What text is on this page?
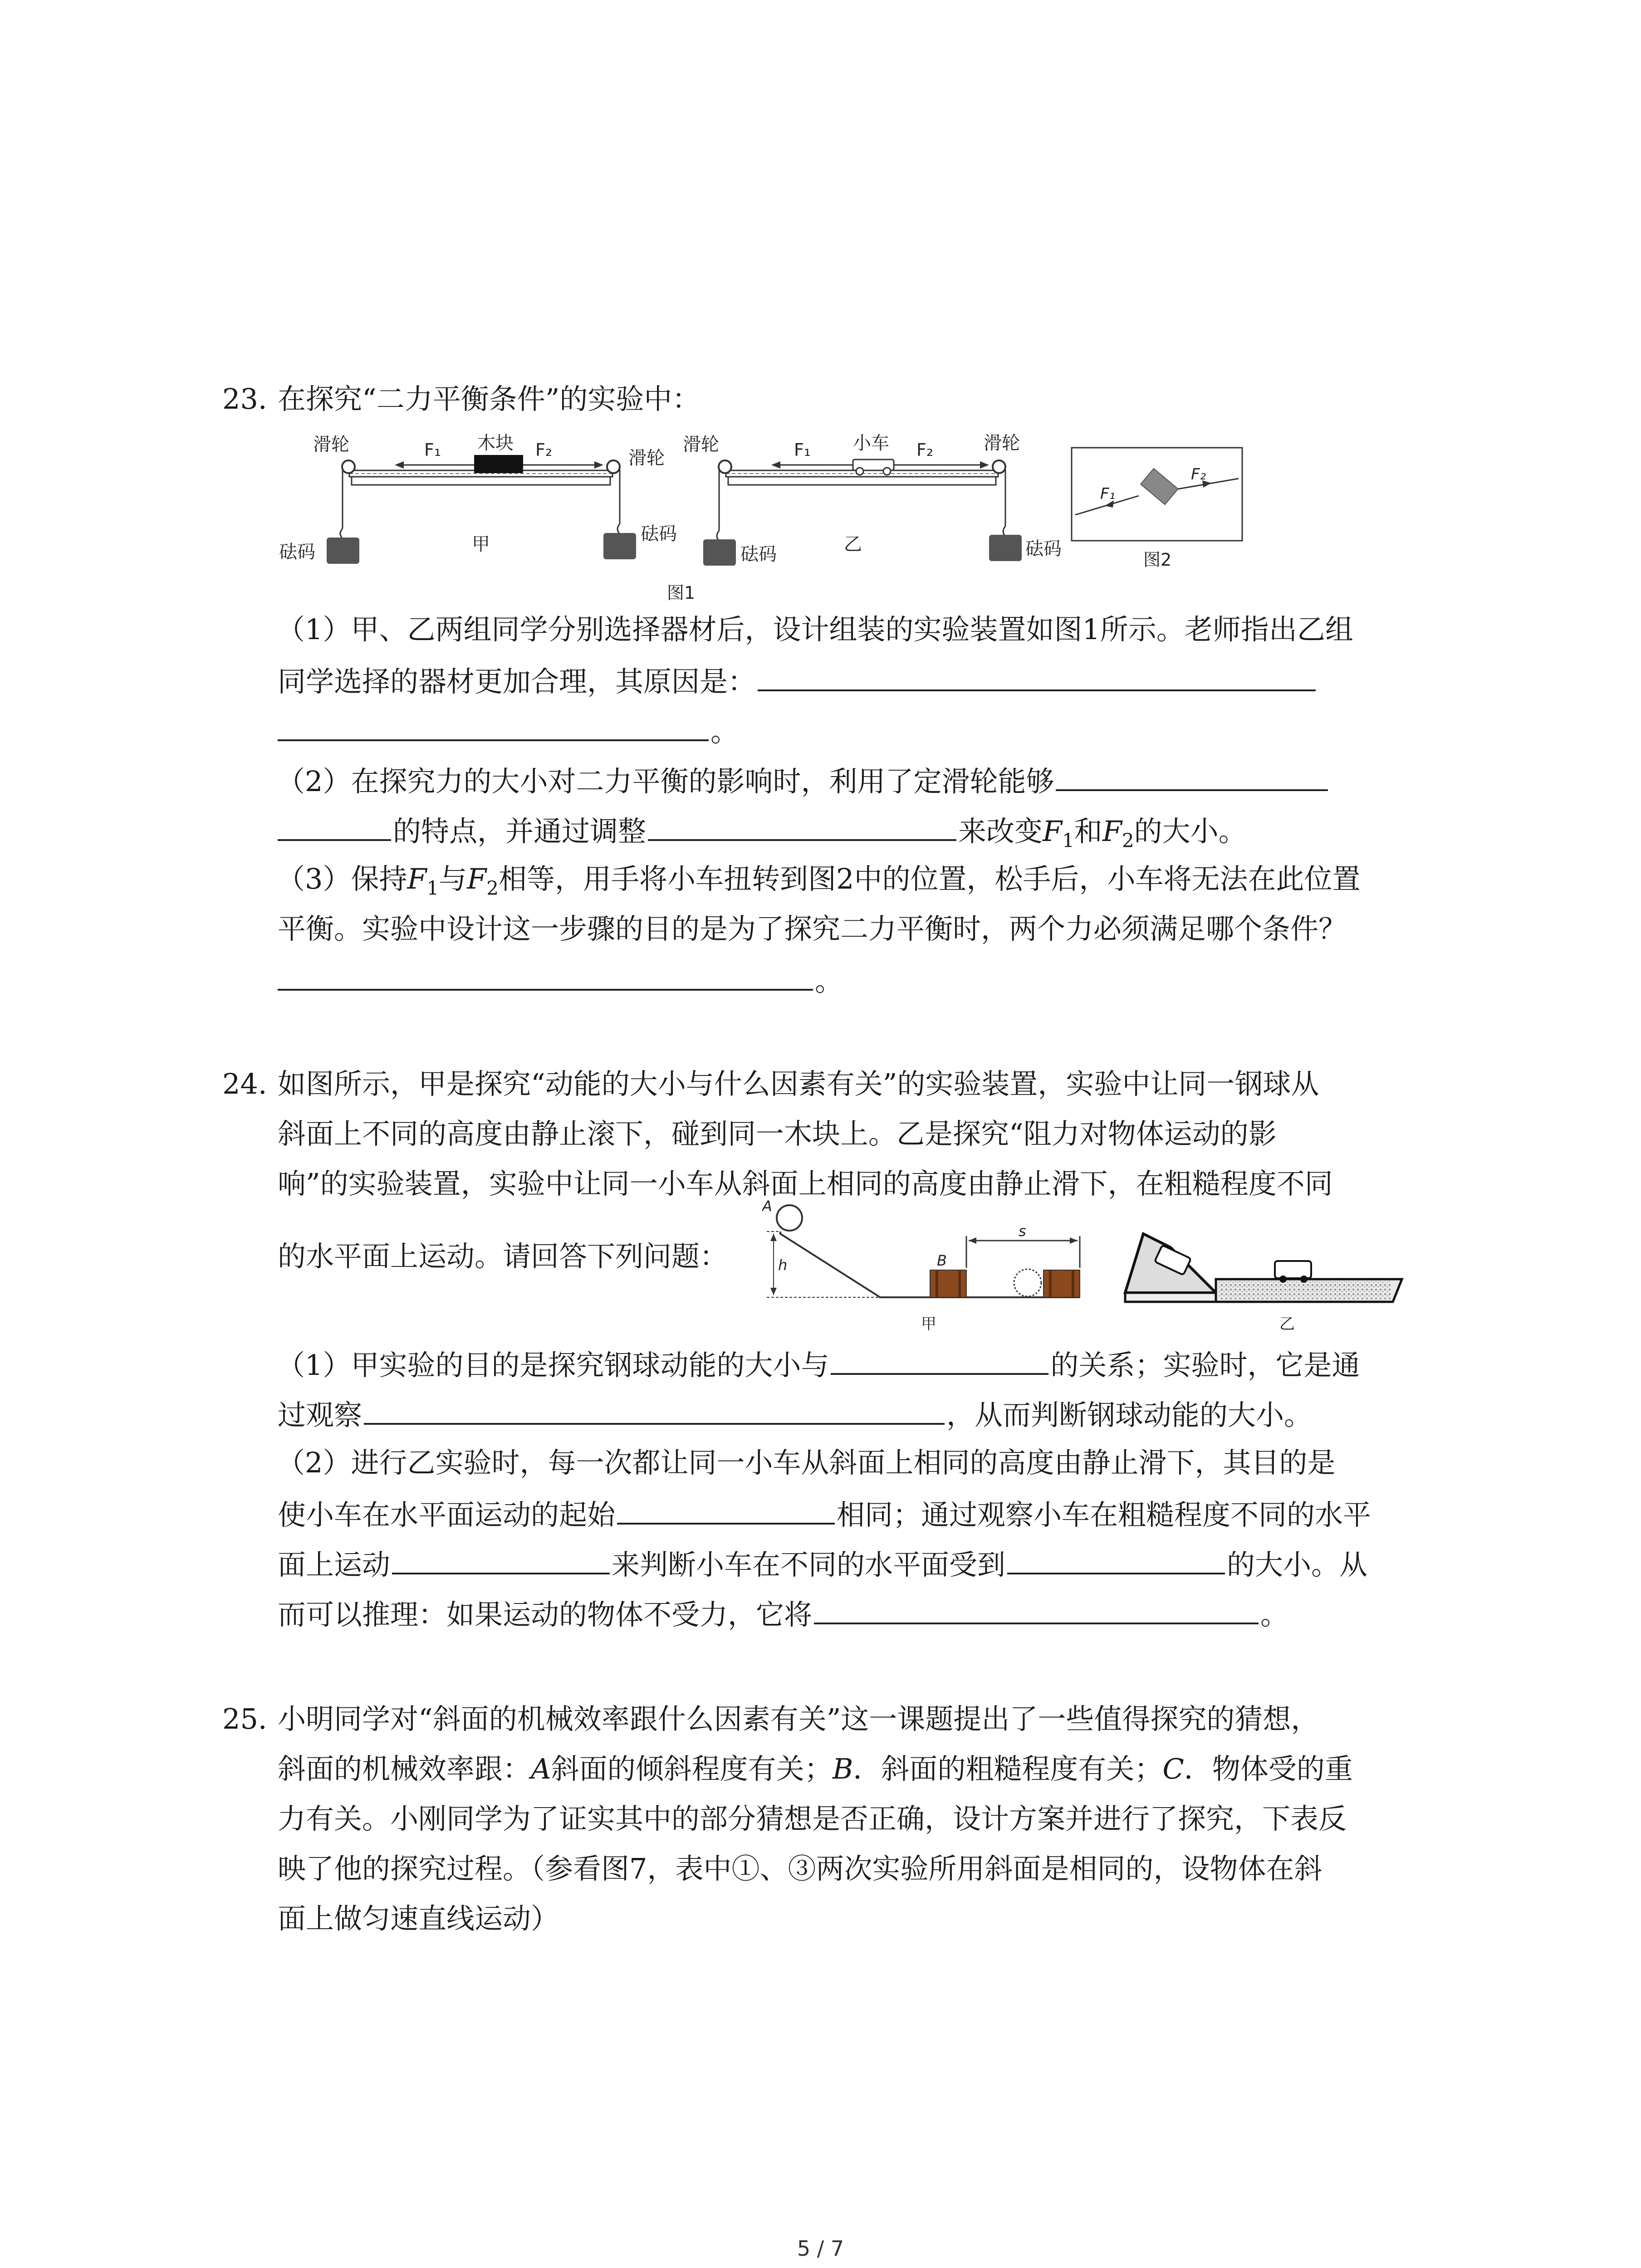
23. 在探究“二力平衡条件”的实验中：
滑轮
滑轮
木块
F₁	F₂
砝码
砝码
甲
滑轮	滑轮
小车
F₁	F₂
砝码	砝码
乙
图1
F₁
F₂
图2
（1）甲、乙两组同学分别选择器材后，设计组装的实验装置如图1所示。老师指出乙组
同学选择的器材更加合理，其原因是：
。
（2）在探究力的大小对二力平衡的影响时，利用了定滑轮能够
的特点，并通过调整	来改变$F_1$和$F_2$的大小。
（3）保持$F_1$与$F_2$相等，用手将小车扭转到图2中的位置，松手后，小车将无法在此位置
平衡。实验中设计这一步骤的目的是为了探究二力平衡时，两个力必须满足哪个条件？
。
24. 如图所示，甲是探究“动能的大小与什么因素有关”的实验装置，实验中让同一钢球从
斜面上不同的高度由静止滚下，碰到同一木块上。乙是探究“阻力对物体运动的影
响”的实验装置，实验中让同一小车从斜面上相同的高度由静止滑下，在粗糙程度不同
的水平面上运动。请回答下列问题：
A
h	B
s
甲	乙
（1）甲实验的目的是探究钢球动能的大小与	的关系；实验时，它是通
过观察	，从而判断钢球动能的大小。
（2）进行乙实验时，每一次都让同一小车从斜面上相同的高度由静止滑下，其目的是
使小车在水平面运动的起始	相同；通过观察小车在粗糙程度不同的水平
面上运动	来判断小车在不同的水平面受到	的大小。从
而可以推理：如果运动的物体不受力，它将	。
25. 小明同学对“斜面的机械效率跟什么因素有关”这一课题提出了一些值得探究的猜想，
斜面的机械效率跟：A斜面的倾斜程度有关；B．斜面的粗糙程度有关；C．物体受的重
力有关。小刚同学为了证实其中的部分猜想是否正确，设计方案并进行了探究，下表反
映了他的探究过程。（参看图7，表中①、③两次实验所用斜面是相同的，设物体在斜
面上做匀速直线运动）
5 / 7
